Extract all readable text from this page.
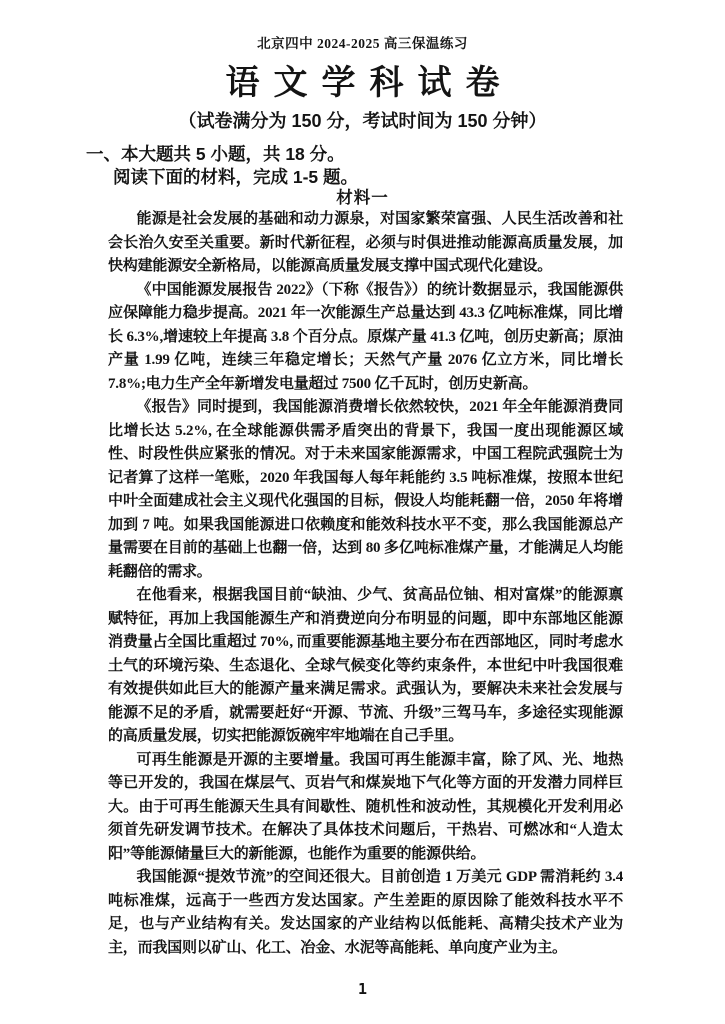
北京四中 2024-2025 高三保温练习
语文学科试卷
（试卷满分为 150 分，考试时间为 150 分钟）
一、本大题共 5 小题，共 18 分。
阅读下面的材料，完成 1-5 题。
材料一

能源是社会发展的基础和动力源泉，对国家繁荣富强、人民生活改善和社会长治久安至关重要。新时代新征程，必须与时俱进推动能源高质量发展，加快构建能源安全新格局，以能源高质量发展支撑中国式现代化建设。

《中国能源发展报告 2022》（下称《报告》）的统计数据显示，我国能源供应保障能力稳步提高。2021 年一次能源生产总量达到 43.3 亿吨标准煤，同比增长 6.3%,增速较上年提高 3.8 个百分点。原煤产量 41.3 亿吨，创历史新高；原油产量 1.99 亿吨，连续三年稳定增长；天然气产量 2076 亿立方米，同比增长 7.8%;电力生产全年新增发电量超过 7500 亿千瓦时，创历史新高。

《报告》同时提到，我国能源消费增长依然较快，2021 年全年能源消费同比增长达 5.2%, 在全球能源供需矛盾突出的背景下，我国一度出现能源区域性、时段性供应紧张的情况。对于未来国家能源需求，中国工程院武强院士为记者算了这样一笔账，2020 年我国每人每年耗能约 3.5 吨标准煤，按照本世纪中叶全面建成社会主义现代化强国的目标，假设人均能耗翻一倍，2050 年将增加到 7 吨。如果我国能源进口依赖度和能效科技水平不变，那么我国能源总产量需要在目前的基础上也翻一倍，达到 80 多亿吨标准煤产量，才能满足人均能耗翻倍的需求。

在他看来，根据我国目前“缺油、少气、贫高品位铀、相对富煤”的能源禀赋特征，再加上我国能源生产和消费逆向分布明显的问题，即中东部地区能源消费量占全国比重超过 70%, 而重要能源基地主要分布在西部地区，同时考虑水土气的环境污染、生态退化、全球气候变化等约束条件，本世纪中叶我国很难有效提供如此巨大的能源产量来满足需求。武强认为，要解决未来社会发展与能源不足的矛盾，就需要赶好“开源、节流、升级”三驾马车，多途径实现能源的高质量发展，切实把能源饭碗牢牢地端在自己手里。

可再生能源是开源的主要增量。我国可再生能源丰富，除了风、光、地热等已开发的，我国在煤层气、页岩气和煤炭地下气化等方面的开发潜力同样巨大。由于可再生能源天生具有间歇性、随机性和波动性，其规模化开发利用必须首先研发调节技术。在解决了具体技术问题后，干热岩、可燃冰和“人造太阳”等能源储量巨大的新能源，也能作为重要的能源供给。

我国能源“提效节流”的空间还很大。目前创造 1 万美元 GDP 需消耗约 3.4 吨标准煤，远高于一些西方发达国家。产生差距的原因除了能效科技水平不足，也与产业结构有关。发达国家的产业结构以低能耗、高精尖技术产业为主，而我国则以矿山、化工、冶金、水泥等高能耗、单向度产业为主。

1
